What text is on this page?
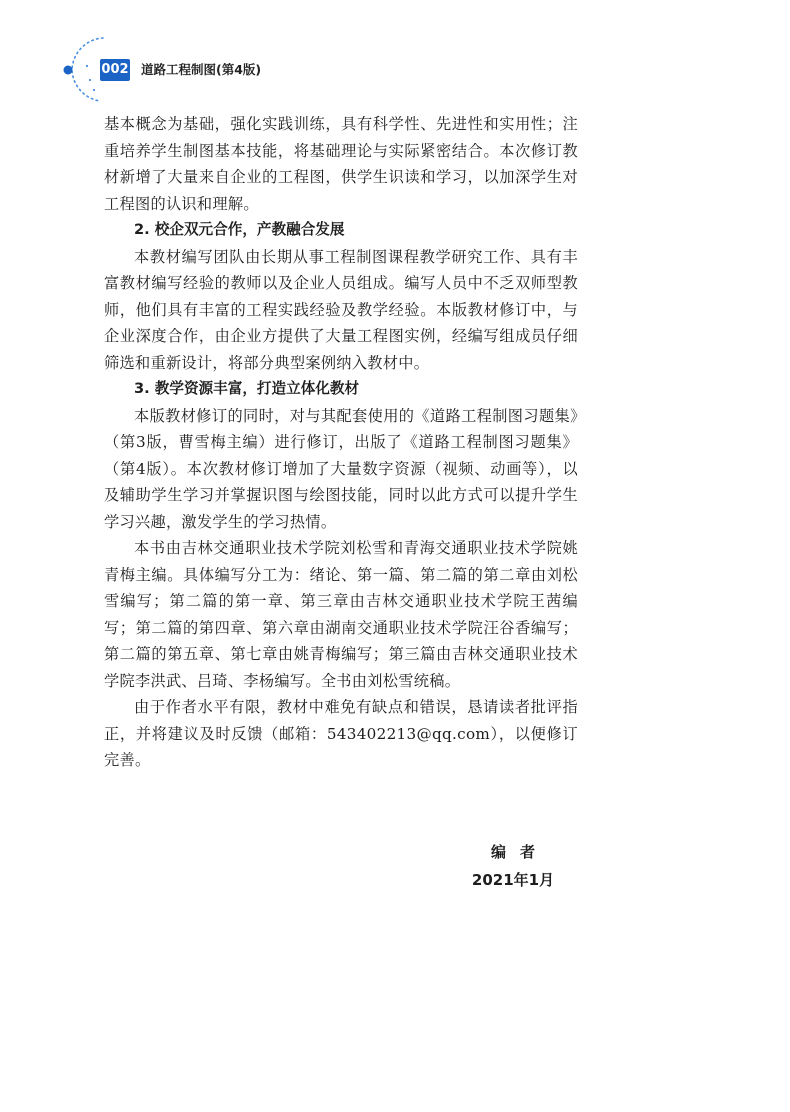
002 道路工程制图(第4版)

基本概念为基础，强化实践训练，具有科学性、先进性和实用性；注重培养学生制图基本技能，将基础理论与实际紧密结合。本次修订教材新增了大量来自企业的工程图，供学生识读和学习，以加深学生对工程图的认识和理解。

2. 校企双元合作，产教融合发展

本教材编写团队由长期从事工程制图课程教学研究工作、具有丰富教材编写经验的教师以及企业人员组成。编写人员中不乏双师型教师，他们具有丰富的工程实践经验及教学经验。本版教材修订中，与企业深度合作，由企业方提供了大量工程图实例，经编写组成员仔细筛选和重新设计，将部分典型案例纳入教材中。

3. 教学资源丰富，打造立体化教材

本版教材修订的同时，对与其配套使用的《道路工程制图习题集》（第3版，曹雪梅主编）进行修订，出版了《道路工程制图习题集》（第4版）。本次教材修订增加了大量数字资源（视频、动画等），以及辅助学生学习并掌握识图与绘图技能，同时以此方式可以提升学生学习兴趣，激发学生的学习热情。

本书由吉林交通职业技术学院刘松雪和青海交通职业技术学院姚青梅主编。具体编写分工为：绪论、第一篇、第二篇的第二章由刘松雪编写；第二篇的第一章、第三章由吉林交通职业技术学院王茜编写；第二篇的第四章、第六章由湖南交通职业技术学院汪谷香编写；第二篇的第五章、第七章由姚青梅编写；第三篇由吉林交通职业技术学院李洪武、吕琦、李杨编写。全书由刘松雪统稿。

由于作者水平有限，教材中难免有缺点和错误，恳请读者批评指正，并将建议及时反馈（邮箱：543402213@qq.com），以便修订完善。

编者
2021年1月
